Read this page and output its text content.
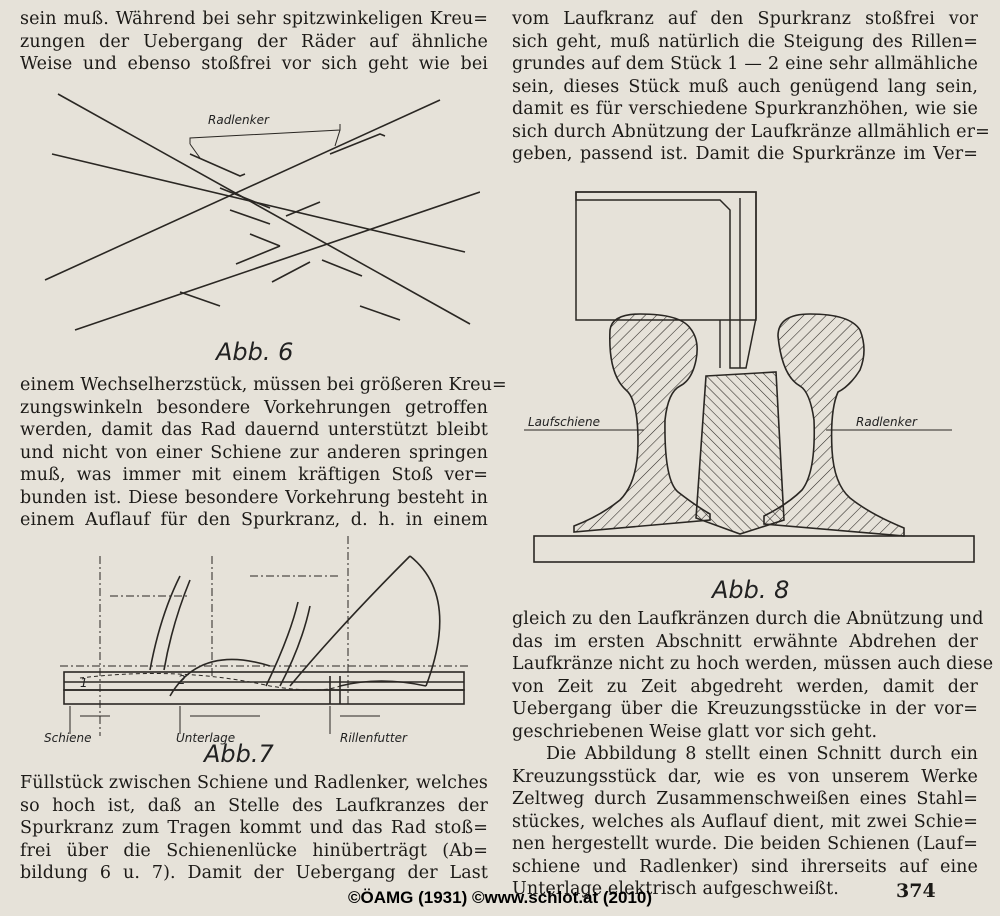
sein muß. Während bei sehr spitzwinkeligen Kreu=
zungen der Uebergang der Räder auf ähnliche
Weise und ebenso stoßfrei vor sich geht wie bei
Radlenker
Abb. 6
einem Wechselherzstück, müssen bei größeren Kreu=
zungswinkeln besondere Vorkehrungen getroffen
werden, damit das Rad dauernd unterstützt bleibt
und nicht von einer Schiene zur anderen springen
muß, was immer mit einem kräftigen Stoß ver=
bunden ist. Diese besondere Vorkehrung besteht in
einem Auflauf für den Spurkranz, d. h. in einem
1	2
Schiene	Unterlage	Rillenfutter
Abb.7
Füllstück zwischen Schiene und Radlenker, welches
so hoch ist, daß an Stelle des Laufkranzes der
Spurkranz zum Tragen kommt und das Rad stoß=
frei über die Schienenlücke hinüberträgt (Ab=
bildung 6 u. 7). Damit der Uebergang der Last
vom Laufkranz auf den Spurkranz stoßfrei vor
sich geht, muß natürlich die Steigung des Rillen=
grundes auf dem Stück 1 — 2 eine sehr allmähliche
sein, dieses Stück muß auch genügend lang sein,
damit es für verschiedene Spurkranzhöhen, wie sie
sich durch Abnützung der Laufkränze allmählich er=
geben, passend ist. Damit die Spurkränze im Ver=
Laufschiene	Radlenker
Abb. 8
gleich zu den Laufkränzen durch die Abnützung und
das im ersten Abschnitt erwähnte Abdrehen der
Laufkränze nicht zu hoch werden, müssen auch diese
von Zeit zu Zeit abgedreht werden, damit der
Uebergang über die Kreuzungsstücke in der vor=
geschriebenen Weise glatt vor sich geht.
Die Abbildung 8 stellt einen Schnitt durch ein
Kreuzungsstück dar, wie es von unserem Werke
Zeltweg durch Zusammenschweißen eines Stahl=
stückes, welches als Auflauf dient, mit zwei Schie=
nen hergestellt wurde. Die beiden Schienen (Lauf=
schiene und Radlenker) sind ihrerseits auf eine
Unterlage elektrisch aufgeschweißt.	374
©ÖAMG (1931) ©www.schlot.at (2010)
